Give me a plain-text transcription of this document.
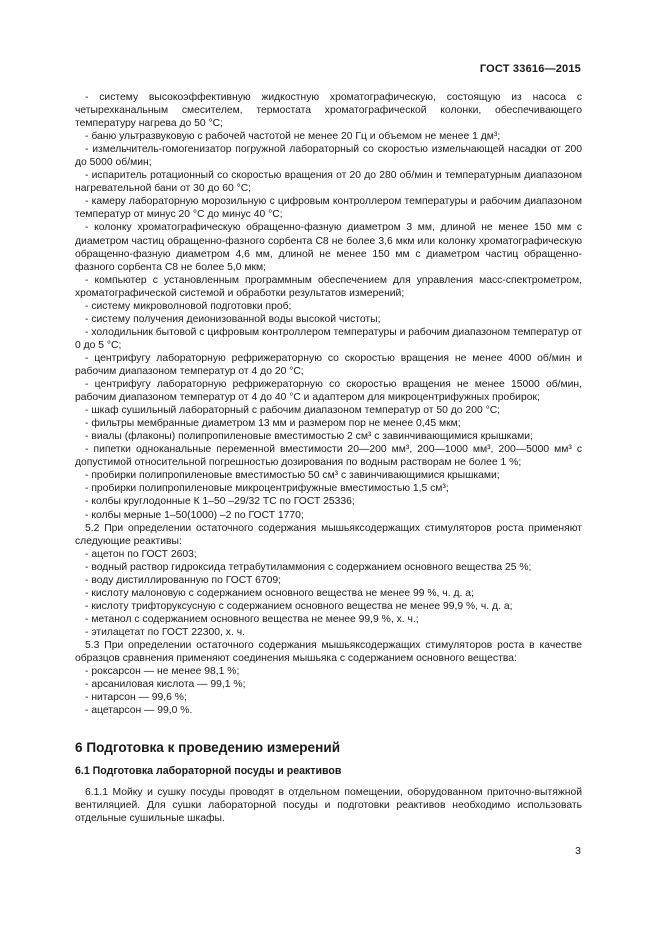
ГОСТ 33616—2015

- систему высокоэффективную жидкостную хроматографическую, состоящую из насоса с четырехканальным смесителем, термостата хроматографической колонки, обеспечивающего температуру нагрева до 50 °С;

- баню ультразвуковую с рабочей частотой не менее 20 Гц и объемом не менее 1 дм³;

- измельчитель-гомогенизатор погружной лабораторный со скоростью измельчающей насадки от 200 до 5000 об/мин;

- испаритель ротационный со скоростью вращения от 20 до 280 об/мин и температурным диапазоном нагревательной бани от 30 до 60 °С;

- камеру лабораторную морозильную с цифровым контроллером температуры и рабочим диапазоном температур от минус 20 °С до минус 40 °С;

- колонку хроматографическую обращенно-фазную диаметром 3 мм, длиной не менее 150 мм с диаметром частиц обращенно-фазного сорбента С8 не более 3,6 мкм или колонку хроматографическую обращенно-фазную диаметром 4,6 мм, длиной не менее 150 мм с диаметром частиц обращенно-фазного сорбента С8 не более 5,0 мкм;

- компьютер с установленным программным обеспечением для управления масс-спектрометром, хроматографической системой и обработки результатов измерений;

- систему микроволновой подготовки проб;

- систему получения деионизованной воды высокой чистоты;

- холодильник бытовой с цифровым контроллером температуры и рабочим диапазоном температур от 0 до 5 °С;

- центрифугу лабораторную рефрижераторную со скоростью вращения не менее 4000 об/мин и рабочим диапазоном температур от 4 до 20 °С;

- центрифугу лабораторную рефрижераторную со скоростью вращения не менее 15000 об/мин, рабочим диапазоном температур от 4 до 40 °С и адаптером для микроцентрифужных пробирок;

- шкаф сушильный лабораторный с рабочим диапазоном температур от 50 до 200 °С;

- фильтры мембранные диаметром 13 мм и размером пор не менее 0,45 мкм;

- виалы (флаконы) полипропиленовые вместимостью 2 см³ с завинчивающимися крышками;

- пипетки одноканальные переменной вместимости 20—200 мм³, 200—1000 мм³, 200—5000 мм³ с допустимой относительной погрешностью дозирования по водным растворам не более 1 %;

- пробирки полипропиленовые вместимостью 50 см³ с завинчивающимися крышками;

- пробирки полипропиленовые микроцентрифужные вместимостью 1,5 см³;

- колбы круглодонные К 1–50 –29/32 ТС по ГОСТ 25336;

- колбы мерные 1–50(1000) –2 по ГОСТ 1770;

5.2 При определении остаточного содержания мышьяксодержащих стимуляторов роста применяют следующие реактивы:

- ацетон по ГОСТ 2603;

- водный раствор гидроксида тетрабутиламмония с содержанием основного вещества 25 %;

- воду дистиллированную по ГОСТ 6709;

- кислоту малоновую с содержанием основного вещества не менее 99 %, ч. д. а;

- кислоту трифторуксусную с содержанием основного вещества не менее 99,9 %, ч. д. а;

- метанол с содержанием основного вещества не менее 99,9 %, х. ч.;

- этилацетат по ГОСТ 22300, х. ч.

5.3 При определении остаточного содержания мышьяксодержащих стимуляторов роста в качестве образцов сравнения применяют соединения мышьяка с содержанием основного вещества:

- роксарсон — не менее 98,1 %;

- арсаниловая кислота — 99,1 %;

- нитарсон — 99,6 %;

- ацетарсон — 99,0 %.

6 Подготовка к проведению измерений
6.1 Подготовка лабораторной посуды и реактивов

6.1.1 Мойку и сушку посуды проводят в отдельном помещении, оборудованном приточно-вытяжной вентиляцией. Для сушки лабораторной посуды и подготовки реактивов необходимо использовать отдельные сушильные шкафы.

3
